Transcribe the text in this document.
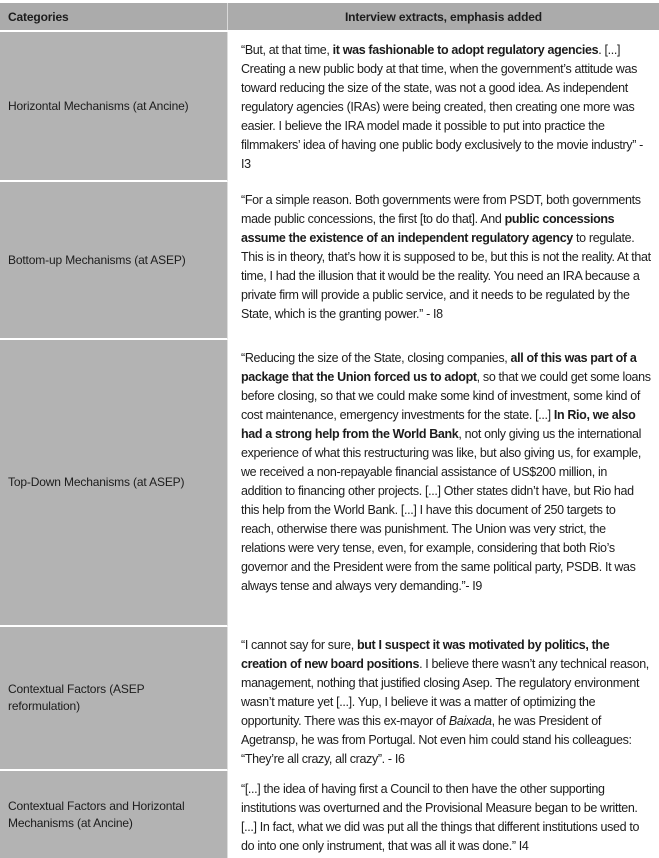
Categories	Interview extracts, emphasis added
Horizontal Mechanisms (at Ancine)

“But, at that time, it was fashionable to adopt regulatory agencies. [...] Creating a new public body at that time, when the government’s attitude was toward reducing the size of the state, was not a good idea. As independent regulatory agencies (IRAs) were being created, then creating one more was easier. I believe the IRA model made it possible to put into practice the filmmakers’ idea of having one public body exclusively to the movie industry” - I3

Bottom-up Mechanisms (at ASEP)

“For a simple reason. Both governments were from PSDT, both governments made public concessions, the first [to do that]. And public concessions assume the existence of an independent regulatory agency to regulate. This is in theory, that’s how it is supposed to be, but this is not the reality. At that time, I had the illusion that it would be the reality. You need an IRA because a private firm will provide a public service, and it needs to be regulated by the State, which is the granting power.” - I8

Top-Down Mechanisms (at ASEP)

“Reducing the size of the State, closing companies, all of this was part of a package that the Union forced us to adopt, so that we could get some loans before closing, so that we could make some kind of investment, some kind of cost maintenance, emergency investments for the state. [...] In Rio, we also had a strong help from the World Bank, not only giving us the international experience of what this restructuring was like, but also giving us, for example, we received a non-repayable financial assistance of US$200 million, in addition to financing other projects. [...] Other states didn’t have, but Rio had this help from the World Bank. [...] I have this document of 250 targets to reach, otherwise there was punishment. The Union was very strict, the relations were very tense, even, for example, considering that both Rio’s governor and the President were from the same political party, PSDB. It was always tense and always very demanding.”- I9

Contextual Factors (ASEP reformulation)

“I cannot say for sure, but I suspect it was motivated by politics, the creation of new board positions. I believe there wasn’t any technical reason, management, nothing that justified closing Asep. The regulatory environment wasn’t mature yet [...]. Yup, I believe it was a matter of optimizing the opportunity. There was this ex-mayor of Baixada, he was President of Agetransp, he was from Portugal. Not even him could stand his colleagues: “They’re all crazy, all crazy”. - I6

Contextual Factors and Horizontal Mechanisms (at Ancine)

“[...] the idea of having first a Council to then have the other supporting institutions was overturned and the Provisional Measure began to be written. [...] In fact, what we did was put all the things that different institutions used to do into one only instrument, that was all it was done.” I4
